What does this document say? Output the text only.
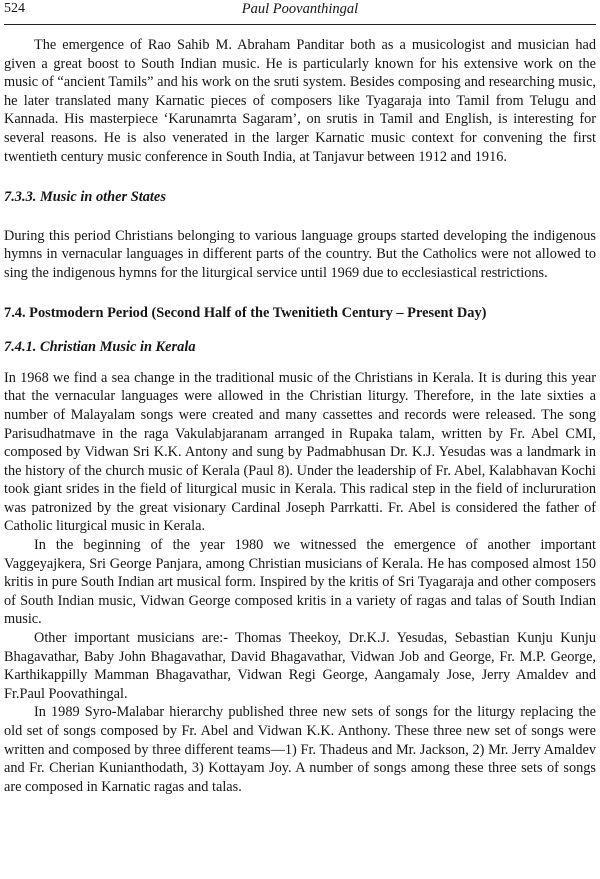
524	Paul Poovanthingal

The emergence of Rao Sahib M. Abraham Panditar both as a musicologist and musician had given a great boost to South Indian music. He is particularly known for his extensive work on the music of “ancient Tamils” and his work on the sruti system. Besides composing and researching music, he later translated many Karnatic pieces of composers like Tyagaraja into Tamil from Telugu and Kannada. His masterpiece ‘Karunamrta Sagaram’, on srutis in Tamil and English, is interesting for several reasons. He is also venerated in the larger Karnatic music context for convening the first twentieth century music conference in South India, at Tanjavur between 1912 and 1916.

7.3.3. Music in other States

During this period Christians belonging to various language groups started developing the indigenous hymns in vernacular languages in different parts of the country. But the Catholics were not allowed to sing the indigenous hymns for the liturgical service until 1969 due to ecclesiastical restrictions.

7.4. Postmodern Period (Second Half of the Twenitieth Century – Present Day)
7.4.1. Christian Music in Kerala

In 1968 we find a sea change in the traditional music of the Christians in Kerala. It is during this year that the vernacular languages were allowed in the Christian liturgy. Therefore, in the late sixties a number of Malayalam songs were created and many cassettes and records were released. The song Parisudhatmave in the raga Vakulabjaranam arranged in Rupaka talam, written by Fr. Abel CMI, composed by Vidwan Sri K.K. Antony and sung by Padmabhusan Dr. K.J. Yesudas was a landmark in the history of the church music of Kerala (Paul 8). Under the leadership of Fr. Abel, Kalabhavan Kochi took giant srides in the field of liturgical music in Kerala. This radical step in the field of inclururation was patronized by the great visionary Cardinal Joseph Parrkatti. Fr. Abel is considered the father of Catholic liturgical music in Kerala.

In the beginning of the year 1980 we witnessed the emergence of another important Vaggeyajkera, Sri George Panjara, among Christian musicians of Kerala. He has composed almost 150 kritis in pure South Indian art musical form. Inspired by the kritis of Sri Tyagaraja and other composers of South Indian music, Vidwan George composed kritis in a variety of ragas and talas of South Indian music.

Other important musicians are:- Thomas Theekoy, Dr.K.J. Yesudas, Sebastian Kunju Kunju Bhagavathar, Baby John Bhagavathar, David Bhagavathar, Vidwan Job and George, Fr. M.P. George, Karthikappilly Mamman Bhagavathar, Vidwan Regi George, Aangamaly Jose, Jerry Amaldev and Fr.Paul Poovathingal.

In 1989 Syro-Malabar hierarchy published three new sets of songs for the liturgy replacing the old set of songs composed by Fr. Abel and Vidwan K.K. Anthony. These three new set of songs were written and composed by three different teams—1) Fr. Thadeus and Mr. Jackson, 2) Mr. Jerry Amaldev and Fr. Cherian Kunianthodath, 3) Kottayam Joy. A number of songs among these three sets of songs are composed in Karnatic ragas and talas.
